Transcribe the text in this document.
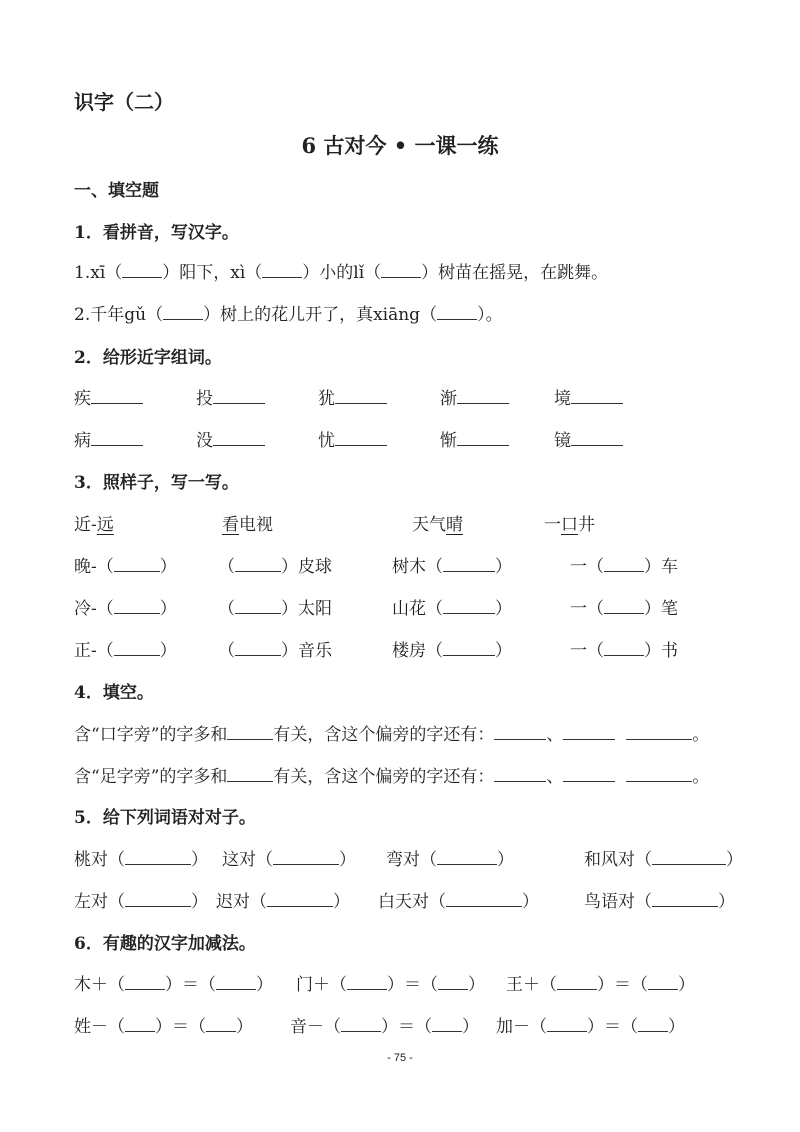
识字（二）
6 古对今 • 一课一练
一、填空题
1．看拼音，写汉字。
1.xī（ ）阳下，xì（ ）小的lǐ（ ）树苗在摇晃，在跳舞。
2.千年gǔ（ ）树上的花儿开了，真xiāng（ ）。
2．给形近字组词。
疾	投	犹	渐	境
病	没	忧	惭	镜
3．照样子，写一写。
近-远	看电视	天气晴	一口井
晚-（	） （	）皮球	树木（	）	一（ ）车
冷-（	） （	）太阳	山花（	）	一（ ）笔
正-（	） （	）音乐	楼房（	）	一（ ）书
4．填空。
含“口字旁”的字多和	有关，含这个偏旁的字还有：	、	。
含“足字旁”的字多和	有关，含这个偏旁的字还有：	、	。
5．给下列词语对对子。
桃对（	） 这对（	） 弯对（	）	和风对（	）
左对（	） 迟对（	） 白天对（	）	鸟语对（	）
6．有趣的汉字加减法。
木＋（ ）＝（ ） 门＋（ ）＝（ ） 王＋（ ）＝（ ）
姓－（ ）＝（ ） 音－（ ）＝（ ） 加－（ ）＝（ ）
- 75 -
